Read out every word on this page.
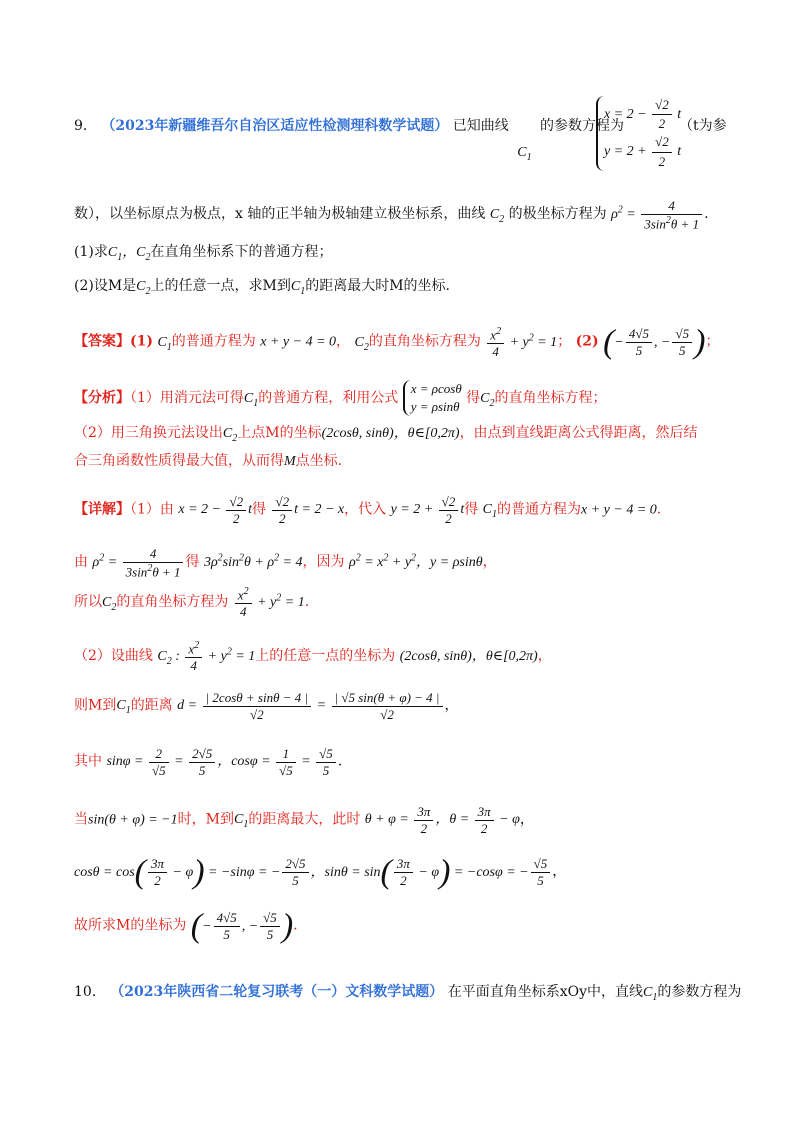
9． （2023年新疆维吾尔自治区适应性检测理科数学试题） 已知曲线 $C_1$ 的参数方程为
$x = 2 - \frac{√2}{2}$ t
$y = 2 + \frac{√2}{2}$ t
（t为参
数），以坐标原点为极点，x 轴的正半轴为极轴建立极坐标系，曲线 $C_2$ 的极坐标方程为 $\rho^2 = \frac{4}{3\sin^2\theta + 1}$ .
(1)求$C_1$，$C_2$在直角坐标系下的普通方程；
(2)设M是$C_2$上的任意一点，求M到$C_1$的距离最大时M的坐标.
【答案】(1) $C_1$的普通方程为 x + y − 4 = 0， $C_2$的直角坐标方程为 $\frac{x^2}{4} + y^2 = 1$； (2) (− $\frac{4√5}{5}$ , − $\frac{√5}{5}$ )；
【分析】（1）用消元法可得$C_1$的普通方程，利用公式
x = ρcosθ
y = ρsinθ
得$C_2$的直角坐标方程；
（2）用三角换元法设出$C_2$上点M的坐标(2cosθ, sinθ)，θ∈[0,2π)，由点到直线距离公式得距离，然后结
合三角函数性质得最大值，从而得M点坐标.
【详解】（1）由 $x = 2 - \frac{√2}{2}$ t得 $\frac{√2}{2}$ t = 2 − x，代入 $y = 2 + \frac{√2}{2}$ t得 $C_1$的普通方程为x + y − 4 = 0.
由 $\rho^2 = \frac{4}{3\sin^2\theta + 1}$ 得 $3\rho^2\sin^2\theta + \rho^2 = 4$，因为 $\rho^2 = x^2 + y^2$，y = ρsinθ，
所以$C_2$的直角坐标方程为 $\frac{x^2}{4} + y^2 = 1$.
（2）设曲线 $C_2$ : $\frac{x^2}{4} + y^2 = 1$上的任意一点的坐标为 (2cosθ, sinθ)，θ∈[0,2π)，
则M到$C_1$的距离 $d = \frac{| 2\cos\theta + \sin\theta - 4 |}{√2} = \frac{| √5 \sin(\theta + \varphi) - 4 |}{√2}$ ，
其中 $\sin\varphi = \frac{2}{√5} = \frac{2√5}{5}$ ，$\cos\varphi = \frac{1}{√5} = \frac{√5}{5}$ .
当sin(θ + φ) = −1时，M到$C_1$的距离最大，此时 $\theta + \varphi = \frac{3\pi}{2}$ ，$\theta = \frac{3\pi}{2} - \varphi$，
$\cos\theta = \cos( \frac{3\pi}{2} - \varphi) = -\sin\varphi$ = − $\frac{2√5}{5}$ ，$\sin\theta = \sin( \frac{3\pi}{2} - \varphi) = -\cos\varphi$ = − $\frac{√5}{5}$ ，
故所求M的坐标为 (− $\frac{4√5}{5}$ , − $\frac{√5}{5}$ ).
10． （2023年陕西省二轮复习联考（一）文科数学试题） 在平面直角坐标系xOy中，直线$C_1$的参数方程为
